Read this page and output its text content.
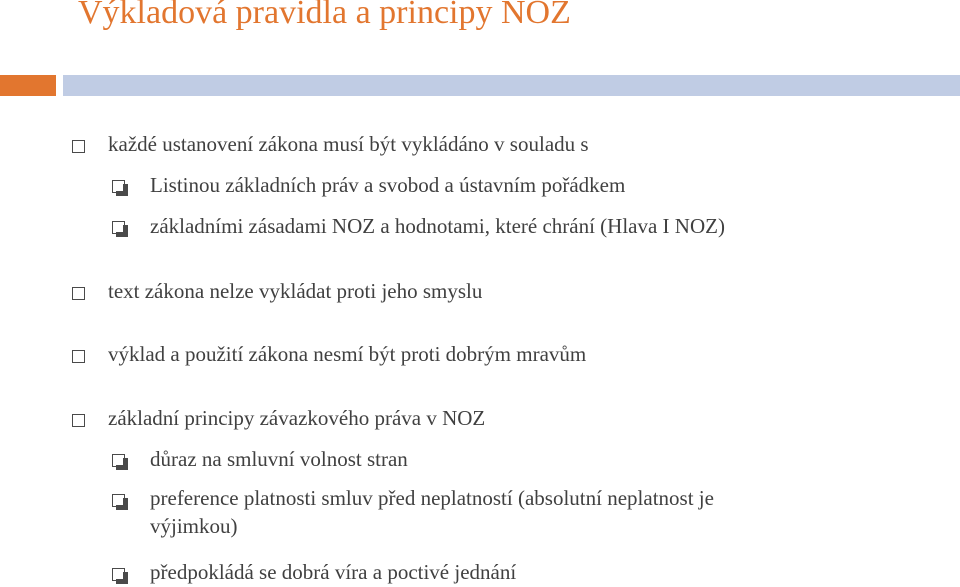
Výkladová pravidla a principy NOZ
každé ustanovení zákona musí být vykládáno v souladu s
Listinou základních práv a svobod a ústavním pořádkem
základními zásadami NOZ a hodnotami, které chrání (Hlava I NOZ)
text zákona nelze vykládat proti jeho smyslu
výklad a použití zákona nesmí být proti dobrým mravům
základní principy závazkového práva v NOZ
důraz na smluvní volnost stran
preference platnosti smluv před neplatností (absolutní neplatnost je
výjimkou)
předpokládá se dobrá víra a poctivé jednání
